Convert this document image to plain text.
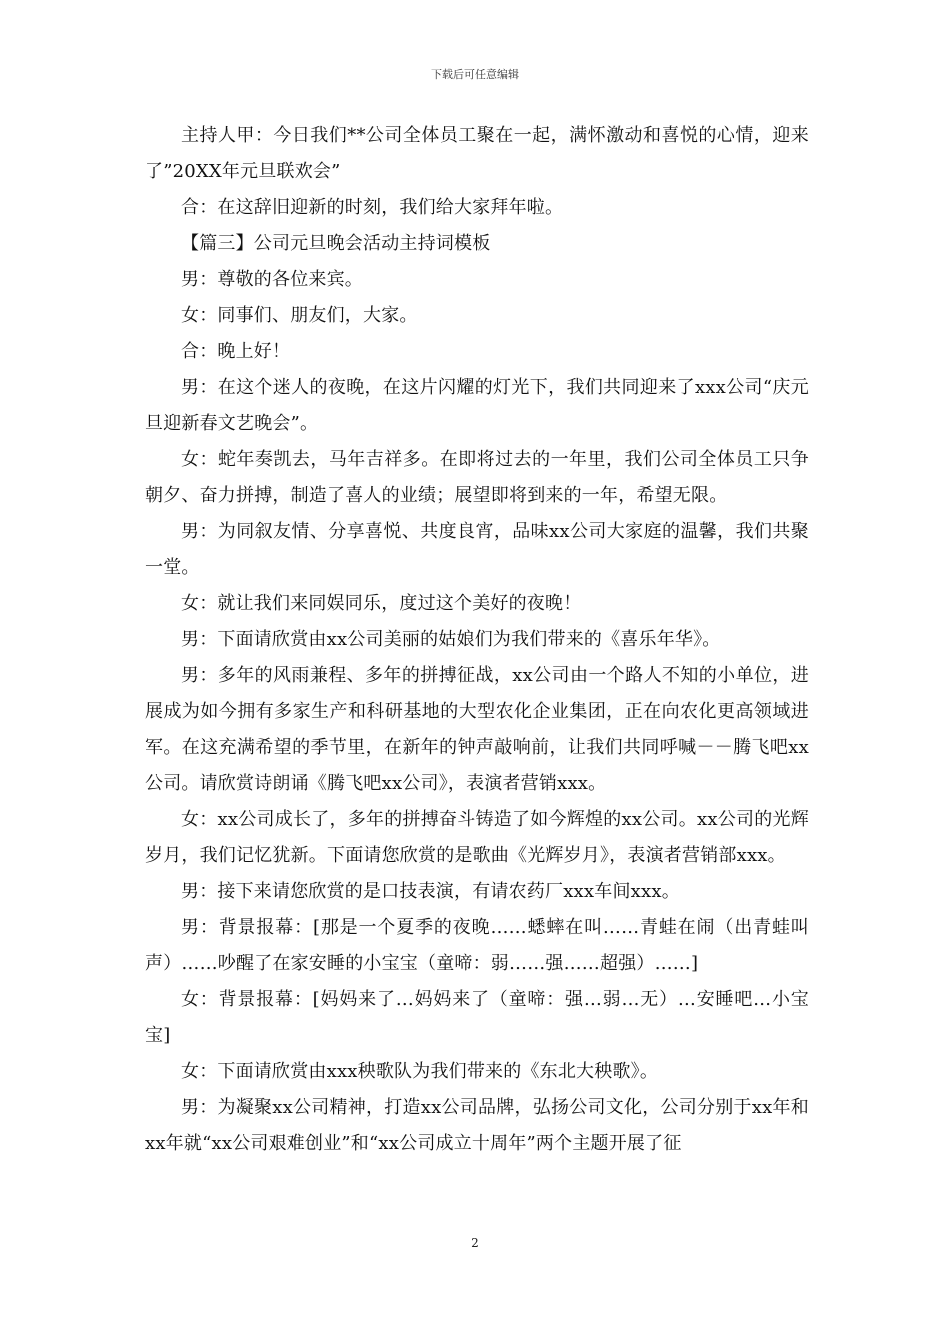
下载后可任意编辑

主持人甲：今日我们**公司全体员工聚在一起，满怀激动和喜悦的心情，迎来了”20XX年元旦联欢会”

合：在这辞旧迎新的时刻，我们给大家拜年啦。

【篇三】公司元旦晚会活动主持词模板

男：尊敬的各位来宾。

女：同事们、朋友们，大家。

合：晚上好！

男：在这个迷人的夜晚，在这片闪耀的灯光下，我们共同迎来了xxx公司“庆元旦迎新春文艺晚会”。

女：蛇年奏凯去，马年吉祥多。在即将过去的一年里，我们公司全体员工只争朝夕、奋力拼搏，制造了喜人的业绩；展望即将到来的一年，希望无限。

男：为同叙友情、分享喜悦、共度良宵，品味xx公司大家庭的温馨，我们共聚一堂。

女：就让我们来同娱同乐，度过这个美好的夜晚！

男：下面请欣赏由xx公司美丽的姑娘们为我们带来的《喜乐年华》。

男：多年的风雨兼程、多年的拼搏征战，xx公司由一个路人不知的小单位，进展成为如今拥有多家生产和科研基地的大型农化企业集团，正在向农化更高领域进军。在这充满希望的季节里，在新年的钟声敲响前，让我们共同呼喊－－腾飞吧xx公司。请欣赏诗朗诵《腾飞吧xx公司》，表演者营销xxx。

女：xx公司成长了，多年的拼搏奋斗铸造了如今辉煌的xx公司。xx公司的光辉岁月，我们记忆犹新。下面请您欣赏的是歌曲《光辉岁月》，表演者营销部xxx。

男：接下来请您欣赏的是口技表演，有请农药厂xxx车间xxx。

男：背景报幕：[那是一个夏季的夜晚……蟋蟀在叫……青蛙在闹（出青蛙叫声）……吵醒了在家安睡的小宝宝（童啼：弱……强……超强）……]

女：背景报幕：[妈妈来了…妈妈来了（童啼：强…弱…无）…安睡吧…小宝宝]

女：下面请欣赏由xxx秧歌队为我们带来的《东北大秧歌》。

男：为凝聚xx公司精神，打造xx公司品牌，弘扬公司文化，公司分别于xx年和xx年就“xx公司艰难创业”和“xx公司成立十周年”两个主题开展了征

2
